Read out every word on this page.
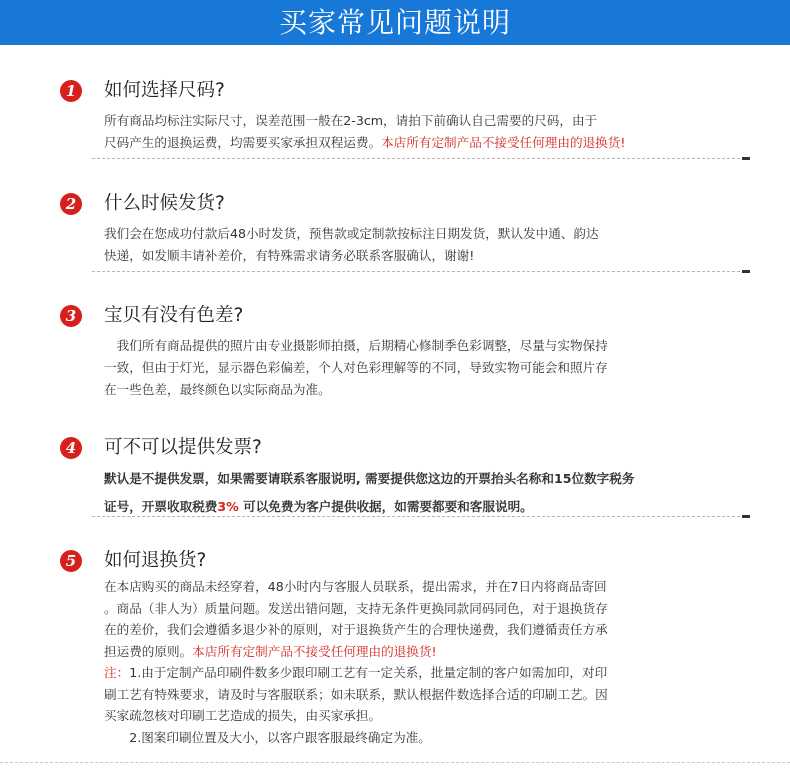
买家常见问题说明
1	如何选择尺码?

所有商品均标注实际尺寸，误差范围一般在2-3cm，请拍下前确认自己需要的尺码，由于

尺码产生的退换运费，均需要买家承担双程运费。本店所有定制产品不接受任何理由的退换货!

2	什么时候发货?

我们会在您成功付款后48小时发货，预售款或定制款按标注日期发货，默认发中通、韵达

快递，如发顺丰请补差价，有特殊需求请务必联系客服确认，谢谢!

3	宝贝有没有色差?

　我们所有商品提供的照片由专业摄影师拍摄，后期精心修制季色彩调整，尽量与实物保持

一致，但由于灯光，显示器色彩偏差，个人对色彩理解等的不同，导致实物可能会和照片存

在一些色差，最终颜色以实际商品为准。

4	可不可以提供发票?

默认是不提供发票，如果需要请联系客服说明, 需要提供您这边的开票抬头名称和15位数字税务

证号，开票收取税费3% 可以免费为客户提供收据，如需要都要和客服说明。

5	如何退换货?

在本店购买的商品未经穿着，48小时内与客服人员联系，提出需求，并在7日内将商品寄回

。商品（非人为）质量问题。发送出错问题，支持无条件更换同款同码同色，对于退换货存

在的差价，我们会遵循多退少补的原则，对于退换货产生的合理快递费，我们遵循责任方承

担运费的原则。本店所有定制产品不接受任何理由的退换货!

注：1.由于定制产品印刷件数多少跟印刷工艺有一定关系，批量定制的客户如需加印，对印

刷工艺有特殊要求，请及时与客服联系；如未联系，默认根据件数选择合适的印刷工艺。因

买家疏忽核对印刷工艺造成的损失，由买家承担。

　　2.图案印刷位置及大小，以客户跟客服最终确定为准。
